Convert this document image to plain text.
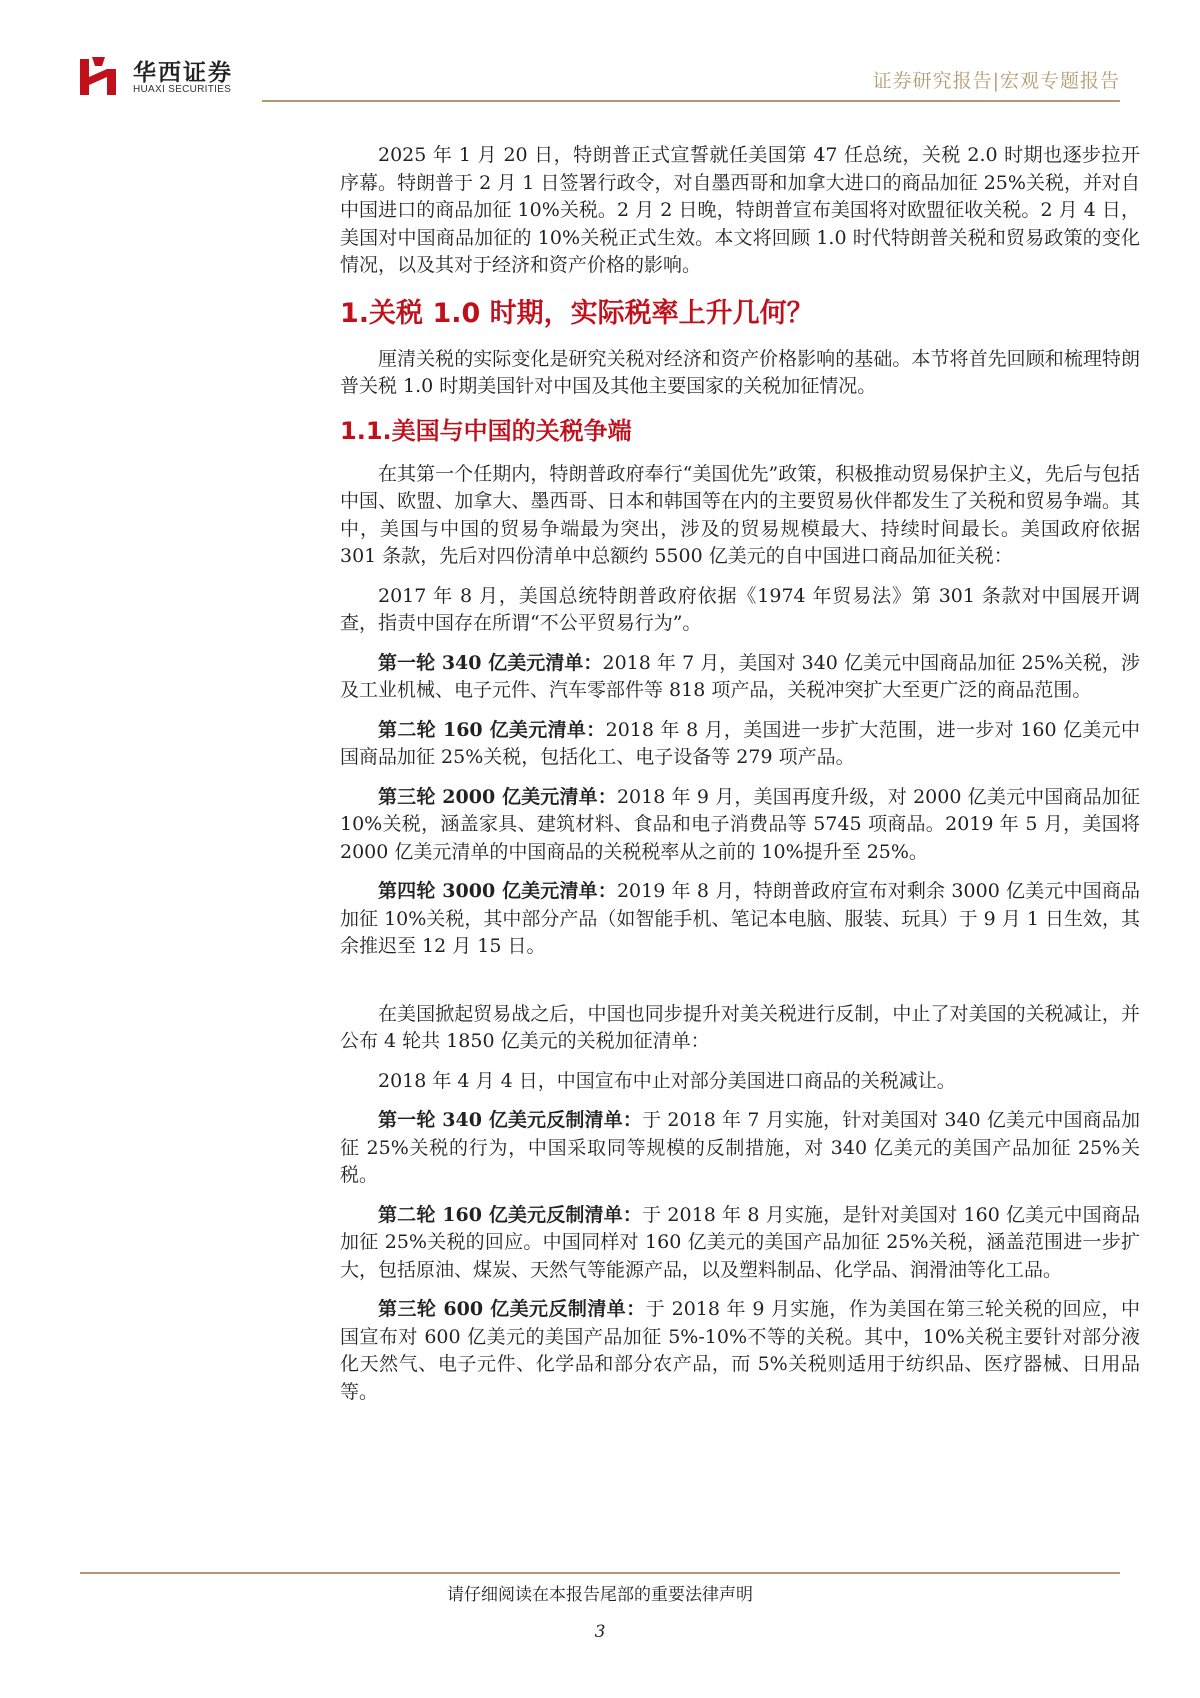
华西证券
HUAXI SECURITIES	证券研究报告|宏观专题报告

2025 年 1 月 20 日，特朗普正式宣誓就任美国第 47 任总统，关税 2.0 时期也逐步拉开序幕。特朗普于 2 月 1 日签署行政令，对自墨西哥和加拿大进口的商品加征 25%关税，并对自中国进口的商品加征 10%关税。2 月 2 日晚，特朗普宣布美国将对欧盟征收关税。2 月 4 日，美国对中国商品加征的 10%关税正式生效。本文将回顾 1.0 时代特朗普关税和贸易政策的变化情况，以及其对于经济和资产价格的影响。

1.关税 1.0 时期，实际税率上升几何？

厘清关税的实际变化是研究关税对经济和资产价格影响的基础。本节将首先回顾和梳理特朗普关税 1.0 时期美国针对中国及其他主要国家的关税加征情况。

1.1.美国与中国的关税争端

在其第一个任期内，特朗普政府奉行“美国优先”政策，积极推动贸易保护主义，先后与包括中国、欧盟、加拿大、墨西哥、日本和韩国等在内的主要贸易伙伴都发生了关税和贸易争端。其中，美国与中国的贸易争端最为突出，涉及的贸易规模最大、持续时间最长。美国政府依据 301 条款，先后对四份清单中总额约 5500 亿美元的自中国进口商品加征关税：

2017 年 8 月，美国总统特朗普政府依据《1974 年贸易法》第 301 条款对中国展开调查，指责中国存在所谓“不公平贸易行为”。

第一轮 340 亿美元清单：2018 年 7 月，美国对 340 亿美元中国商品加征 25%关税，涉及工业机械、电子元件、汽车零部件等 818 项产品，关税冲突扩大至更广泛的商品范围。

第二轮 160 亿美元清单：2018 年 8 月，美国进一步扩大范围，进一步对 160 亿美元中国商品加征 25%关税，包括化工、电子设备等 279 项产品。

第三轮 2000 亿美元清单：2018 年 9 月，美国再度升级，对 2000 亿美元中国商品加征 10%关税，涵盖家具、建筑材料、食品和电子消费品等 5745 项商品。2019 年 5 月，美国将 2000 亿美元清单的中国商品的关税税率从之前的 10%提升至 25%。

第四轮 3000 亿美元清单：2019 年 8 月，特朗普政府宣布对剩余 3000 亿美元中国商品加征 10%关税，其中部分产品（如智能手机、笔记本电脑、服装、玩具）于 9 月 1 日生效，其余推迟至 12 月 15 日。

在美国掀起贸易战之后，中国也同步提升对美关税进行反制，中止了对美国的关税减让，并公布 4 轮共 1850 亿美元的关税加征清单：

2018 年 4 月 4 日，中国宣布中止对部分美国进口商品的关税减让。

第一轮 340 亿美元反制清单：于 2018 年 7 月实施，针对美国对 340 亿美元中国商品加征 25%关税的行为，中国采取同等规模的反制措施，对 340 亿美元的美国产品加征 25%关税。

第二轮 160 亿美元反制清单：于 2018 年 8 月实施，是针对美国对 160 亿美元中国商品加征 25%关税的回应。中国同样对 160 亿美元的美国产品加征 25%关税，涵盖范围进一步扩大，包括原油、煤炭、天然气等能源产品，以及塑料制品、化学品、润滑油等化工品。

第三轮 600 亿美元反制清单：于 2018 年 9 月实施，作为美国在第三轮关税的回应，中国宣布对 600 亿美元的美国产品加征 5%-10%不等的关税。其中，10%关税主要针对部分液化天然气、电子元件、化学品和部分农产品，而 5%关税则适用于纺织品、医疗器械、日用品等。

请仔细阅读在本报告尾部的重要法律声明
3
